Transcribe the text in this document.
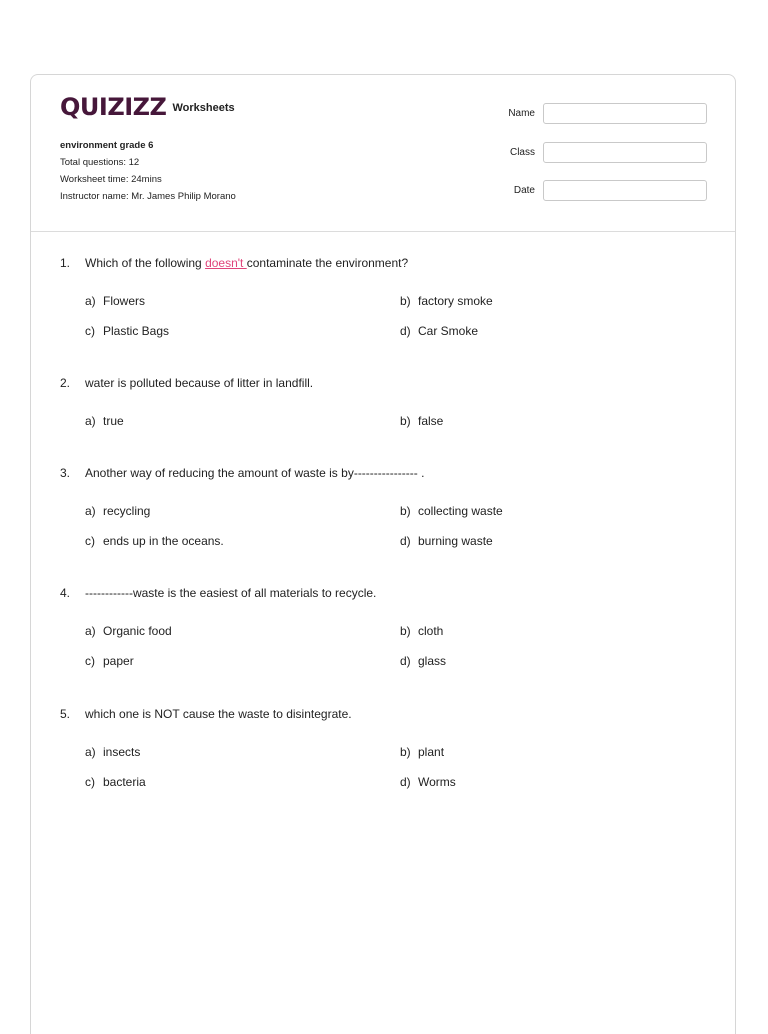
QUIZIZZ Worksheets
environment grade 6
Total questions: 12
Worksheet time: 24mins
Instructor name: Mr. James Philip Morano
Name
Class
Date
1.	Which of the following doesn't contaminate the environment?
a) Flowers	b) factory smoke
c) Plastic Bags	d) Car Smoke
2.	water is polluted because of litter in landfill.
a) true	b) false
3.	Another way of reducing the amount of waste is by---------------- .
a) recycling	b) collecting waste
c) ends up in the oceans.	d) burning waste
4.	------------waste is the easiest of all materials to recycle.
a) Organic food	b) cloth
c) paper	d) glass
5.	which one is NOT cause the waste to disintegrate.
a) insects	b) plant
c) bacteria	d) Worms
